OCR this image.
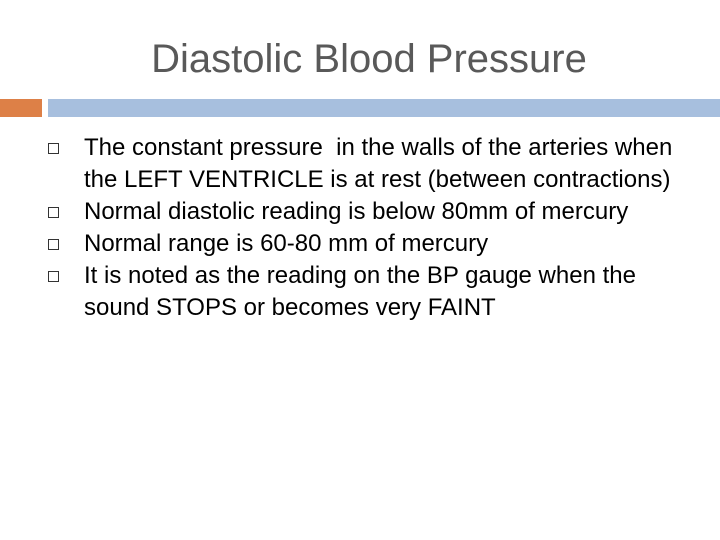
Diastolic Blood Pressure
The constant pressure  in the walls of the arteries when the LEFT VENTRICLE is at rest (between contractions)
Normal diastolic reading is below 80mm of mercury
Normal range is 60-80 mm of mercury
It is noted as the reading on the BP gauge when the sound STOPS or becomes very FAINT
